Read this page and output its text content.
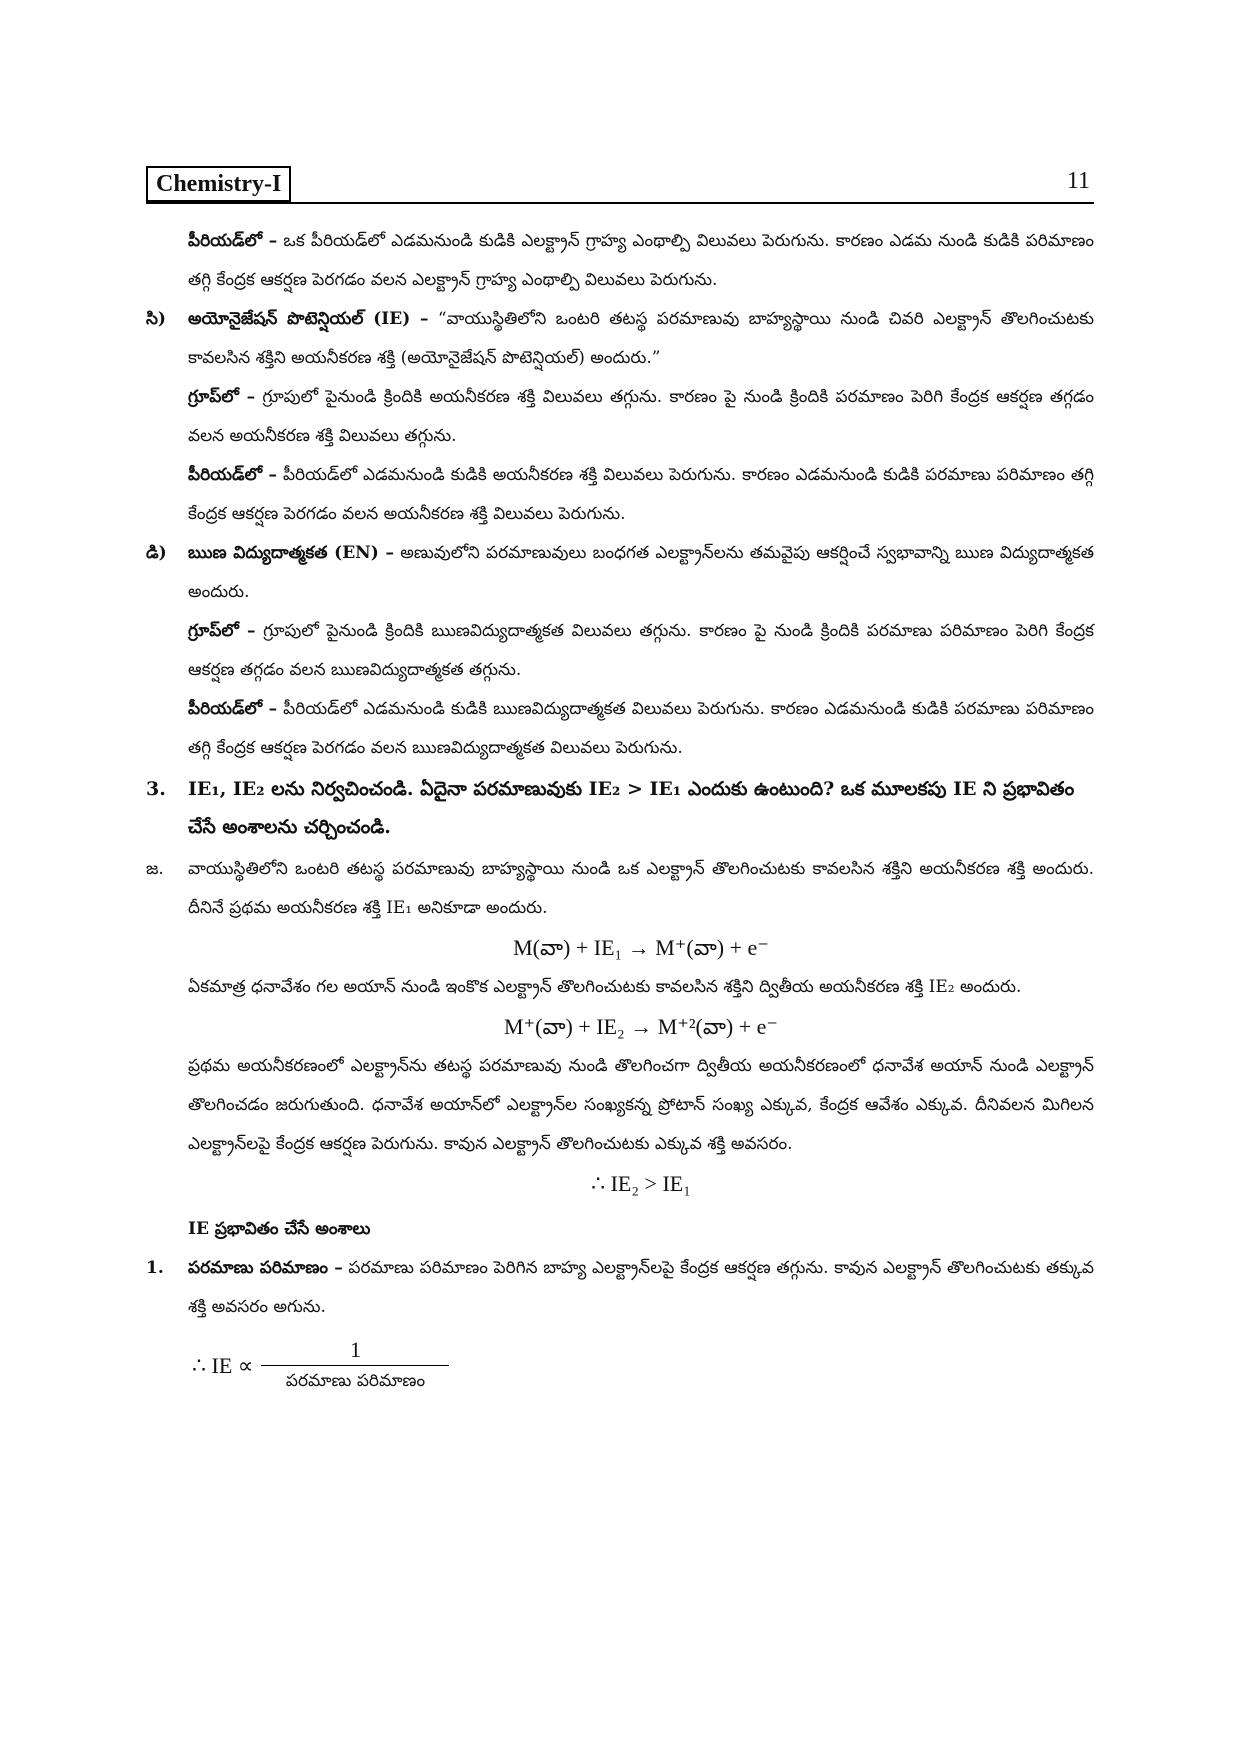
Chemistry-I	11

పీరియడ్‌లో – ఒక పీరియడ్‌లో ఎడమనుండి కుడికి ఎలక్ట్రాన్ గ్రాహ్య ఎంథాల్పి విలువలు పెరుగును. కారణం ఎడమ నుండి కుడికి పరిమాణం తగ్గి కేంద్రక ఆకర్షణ పెరగడం వలన ఎలక్ట్రాన్ గ్రాహ్య ఎంథాల్పి విలువలు పెరుగును.

సి)	అయోనైజేషన్ పొటెన్షియల్ (IE) – “వాయుస్థితిలోని ఒంటరి తటస్థ పరమాణువు బాహ్యస్థాయి నుండి చివరి ఎలక్ట్రాన్ తొలగించుటకు కావలసిన శక్తిని అయనీకరణ శక్తి (అయోనైజేషన్ పొటెన్షియల్) అందురు.”

గ్రూప్‌లో – గ్రూపులో పైనుండి క్రిందికి అయనీకరణ శక్తి విలువలు తగ్గును. కారణం పై నుండి క్రిందికి పరమాణం పెరిగి కేంద్రక ఆకర్షణ తగ్గడం వలన అయనీకరణ శక్తి విలువలు తగ్గును.

పీరియడ్‌లో – పీరియడ్‌లో ఎడమనుండి కుడికి అయనీకరణ శక్తి విలువలు పెరుగును. కారణం ఎడమనుండి కుడికి పరమాణు పరిమాణం తగ్గి కేంద్రక ఆకర్షణ పెరగడం వలన అయనీకరణ శక్తి విలువలు పెరుగును.

డి)	ఋణ విద్యుదాత్మకత (EN) – అణువులోని పరమాణువులు బంధగత ఎలక్ట్రాన్‌లను తమవైపు ఆకర్షించే స్వభావాన్ని ఋణ విద్యుదాత్మకత అందురు.

గ్రూప్‌లో – గ్రూపులో పైనుండి క్రిందికి ఋణవిద్యుదాత్మకత విలువలు తగ్గును. కారణం పై నుండి క్రిందికి పరమాణు పరిమాణం పెరిగి కేంద్రక ఆకర్షణ తగ్గడం వలన ఋణవిద్యుదాత్మకత తగ్గును.

పీరియడ్‌లో – పీరియడ్‌లో ఎడమనుండి కుడికి ఋణవిద్యుదాత్మకత విలువలు పెరుగును. కారణం ఎడమనుండి కుడికి పరమాణు పరిమాణం తగ్గి కేంద్రక ఆకర్షణ పెరగడం వలన ఋణవిద్యుదాత్మకత విలువలు పెరుగును.

3.	IE₁, IE₂ లను నిర్వచించండి. ఏదైనా పరమాణువుకు IE₂ > IE₁ ఎందుకు ఉంటుంది? ఒక మూలకపు IE ని ప్రభావితం చేసే అంశాలను చర్చించండి.
జ.	వాయుస్థితిలోని ఒంటరి తటస్థ పరమాణువు బాహ్యస్థాయి నుండి ఒక ఎలక్ట్రాన్ తొలగించుటకు కావలసిన శక్తిని అయనీకరణ శక్తి అందురు. దీనినే ప్రథమ అయనీకరణ శక్తి IE₁ అనికూడా అందురు.

M(వా) + IE₁ → M⁺(వా) + e⁻

ఏకమాత్ర ధనావేశం గల అయాన్ నుండి ఇంకొక ఎలక్ట్రాన్ తొలగించుటకు కావలసిన శక్తిని ద్వితీయ అయనీకరణ శక్తి IE₂ అందురు.

M⁺(వా) + IE₂ → M⁺²(వా) + e⁻

ప్రథమ అయనీకరణంలో ఎలక్ట్రాన్‌ను తటస్థ పరమాణువు నుండి తొలగించగా ద్వితీయ అయనీకరణంలో ధనావేశ అయాన్ నుండి ఎలక్ట్రాన్ తొలగించడం జరుగుతుంది. ధనావేశ అయాన్‌లో ఎలక్ట్రాన్‌ల సంఖ్యకన్న ప్రోటాన్ సంఖ్య ఎక్కువ, కేంద్రక ఆవేశం ఎక్కువ. దీనివలన మిగిలన ఎలక్ట్రాన్‌లపై కేంద్రక ఆకర్షణ పెరుగును. కావున ఎలక్ట్రాన్ తొలగించుటకు ఎక్కువ శక్తి అవసరం.

∴ IE₂ > IE₁
IE ప్రభావితం చేసే అంశాలు
1.	పరమాణు పరిమాణం – పరమాణు పరిమాణం పెరిగిన బాహ్య ఎలక్ట్రాన్‌లపై కేంద్రక ఆకర్షణ తగ్గును. కావున ఎలక్ట్రాన్ తొలగించుటకు తక్కువ శక్తి అవసరం అగును.

∴ IE ∝ $\frac{1}{\text{పరమాణు పరిమాణం}}$
